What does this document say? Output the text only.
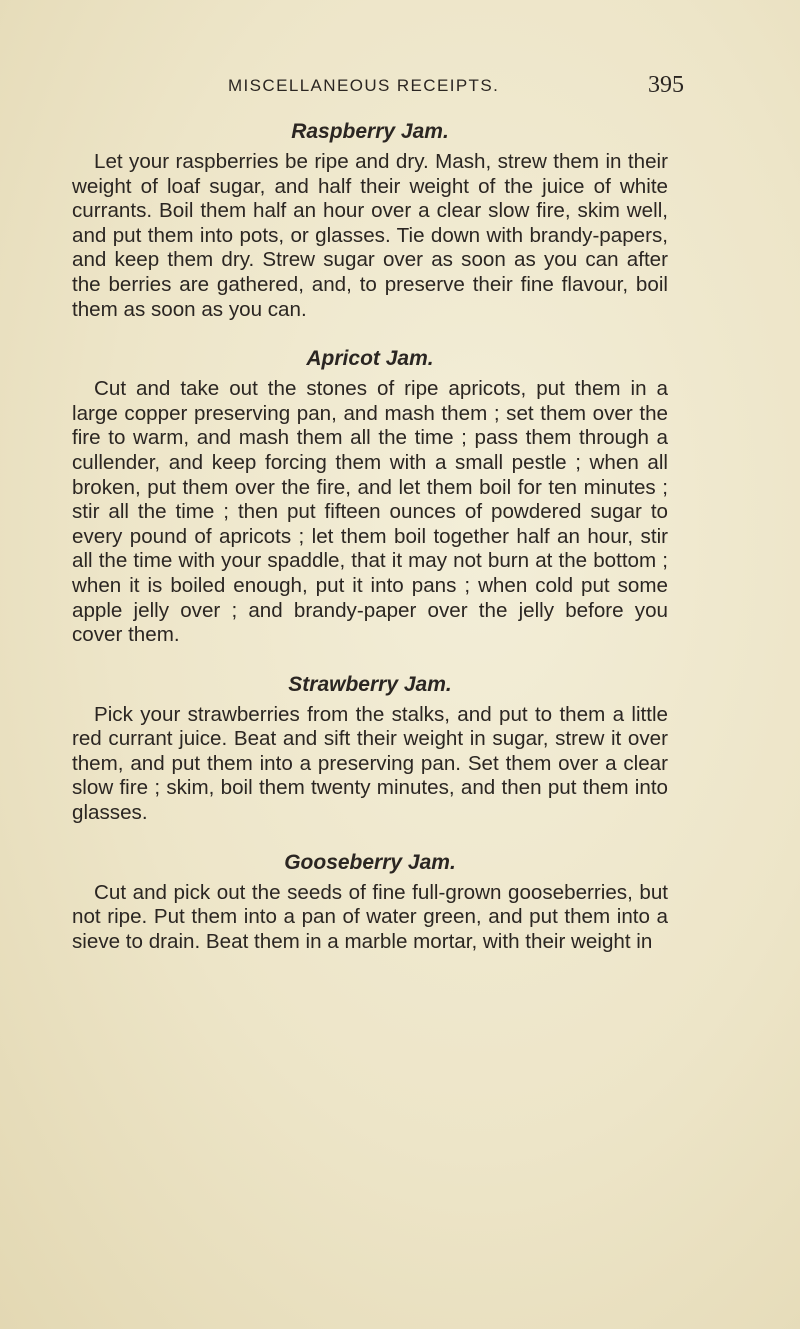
MISCELLANEOUS RECEIPTS.	395
Raspberry Jam.

Let your raspberries be ripe and dry. Mash, strew them in their weight of loaf sugar, and half their weight of the juice of white currants. Boil them half an hour over a clear slow fire, skim well, and put them into pots, or glasses. Tie down with brandy-papers, and keep them dry. Strew sugar over as soon as you can after the berries are gathered, and, to preserve their fine flavour, boil them as soon as you can.

Apricot Jam.

Cut and take out the stones of ripe apricots, put them in a large copper preserving pan, and mash them ; set them over the fire to warm, and mash them all the time ; pass them through a cullender, and keep forcing them with a small pestle ; when all broken, put them over the fire, and let them boil for ten minutes ; stir all the time ; then put fifteen ounces of powdered sugar to every pound of apricots ; let them boil together half an hour, stir all the time with your spaddle, that it may not burn at the bottom ; when it is boiled enough, put it into pans ; when cold put some apple jelly over ; and brandy-paper over the jelly before you cover them.

Strawberry Jam.

Pick your strawberries from the stalks, and put to them a little red currant juice. Beat and sift their weight in sugar, strew it over them, and put them into a preserving pan. Set them over a clear slow fire ; skim, boil them twenty minutes, and then put them into glasses.

Gooseberry Jam.

Cut and pick out the seeds of fine full-grown gooseberries, but not ripe. Put them into a pan of water green, and put them into a sieve to drain. Beat them in a marble mortar, with their weight in
